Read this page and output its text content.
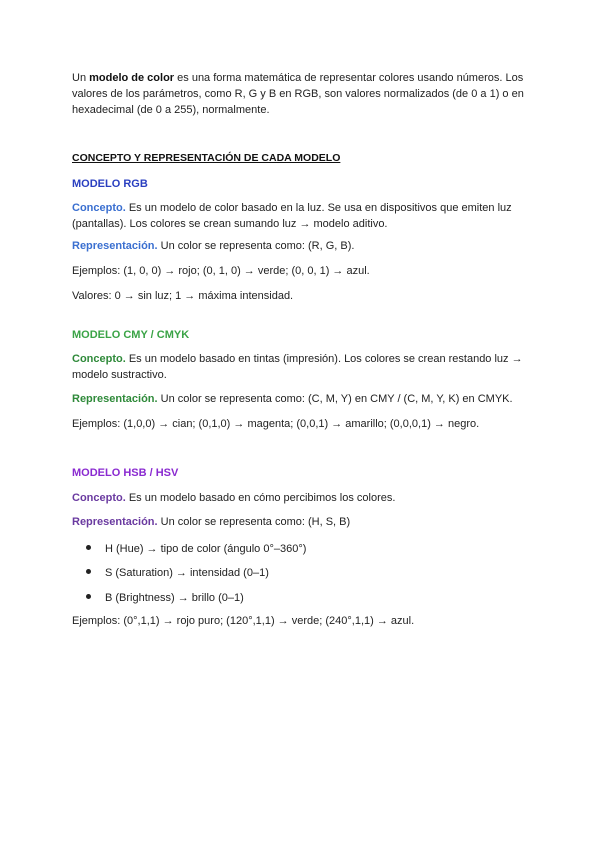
Un modelo de color es una forma matemática de representar colores usando números. Los valores de los parámetros, como R, G y B en RGB, son valores normalizados (de 0 a 1) o en hexadecimal (de 0 a 255), normalmente.

CONCEPTO Y REPRESENTACIÓN DE CADA MODELO

MODELO RGB

Concepto. Es un modelo de color basado en la luz. Se usa en dispositivos que emiten luz (pantallas). Los colores se crean sumando luz → modelo aditivo.

Representación. Un color se representa como: (R, G, B).

Ejemplos: (1, 0, 0) → rojo; (0, 1, 0) → verde; (0, 0, 1) → azul.

Valores: 0 → sin luz; 1 → máxima intensidad.

MODELO CMY / CMYK

Concepto. Es un modelo basado en tintas (impresión). Los colores se crean restando luz → modelo sustractivo.

Representación. Un color se representa como: (C, M, Y) en CMY / (C, M, Y, K) en CMYK.

Ejemplos: (1,0,0) → cian; (0,1,0) → magenta; (0,0,1) → amarillo; (0,0,0,1) → negro.

MODELO HSB / HSV

Concepto. Es un modelo basado en cómo percibimos los colores.

Representación. Un color se representa como: (H, S, B)

H (Hue) → tipo de color (ángulo 0°–360°)
S (Saturation) → intensidad (0–1)
B (Brightness) → brillo (0–1)

Ejemplos: (0°,1,1) → rojo puro; (120°,1,1) → verde; (240°,1,1) → azul.
